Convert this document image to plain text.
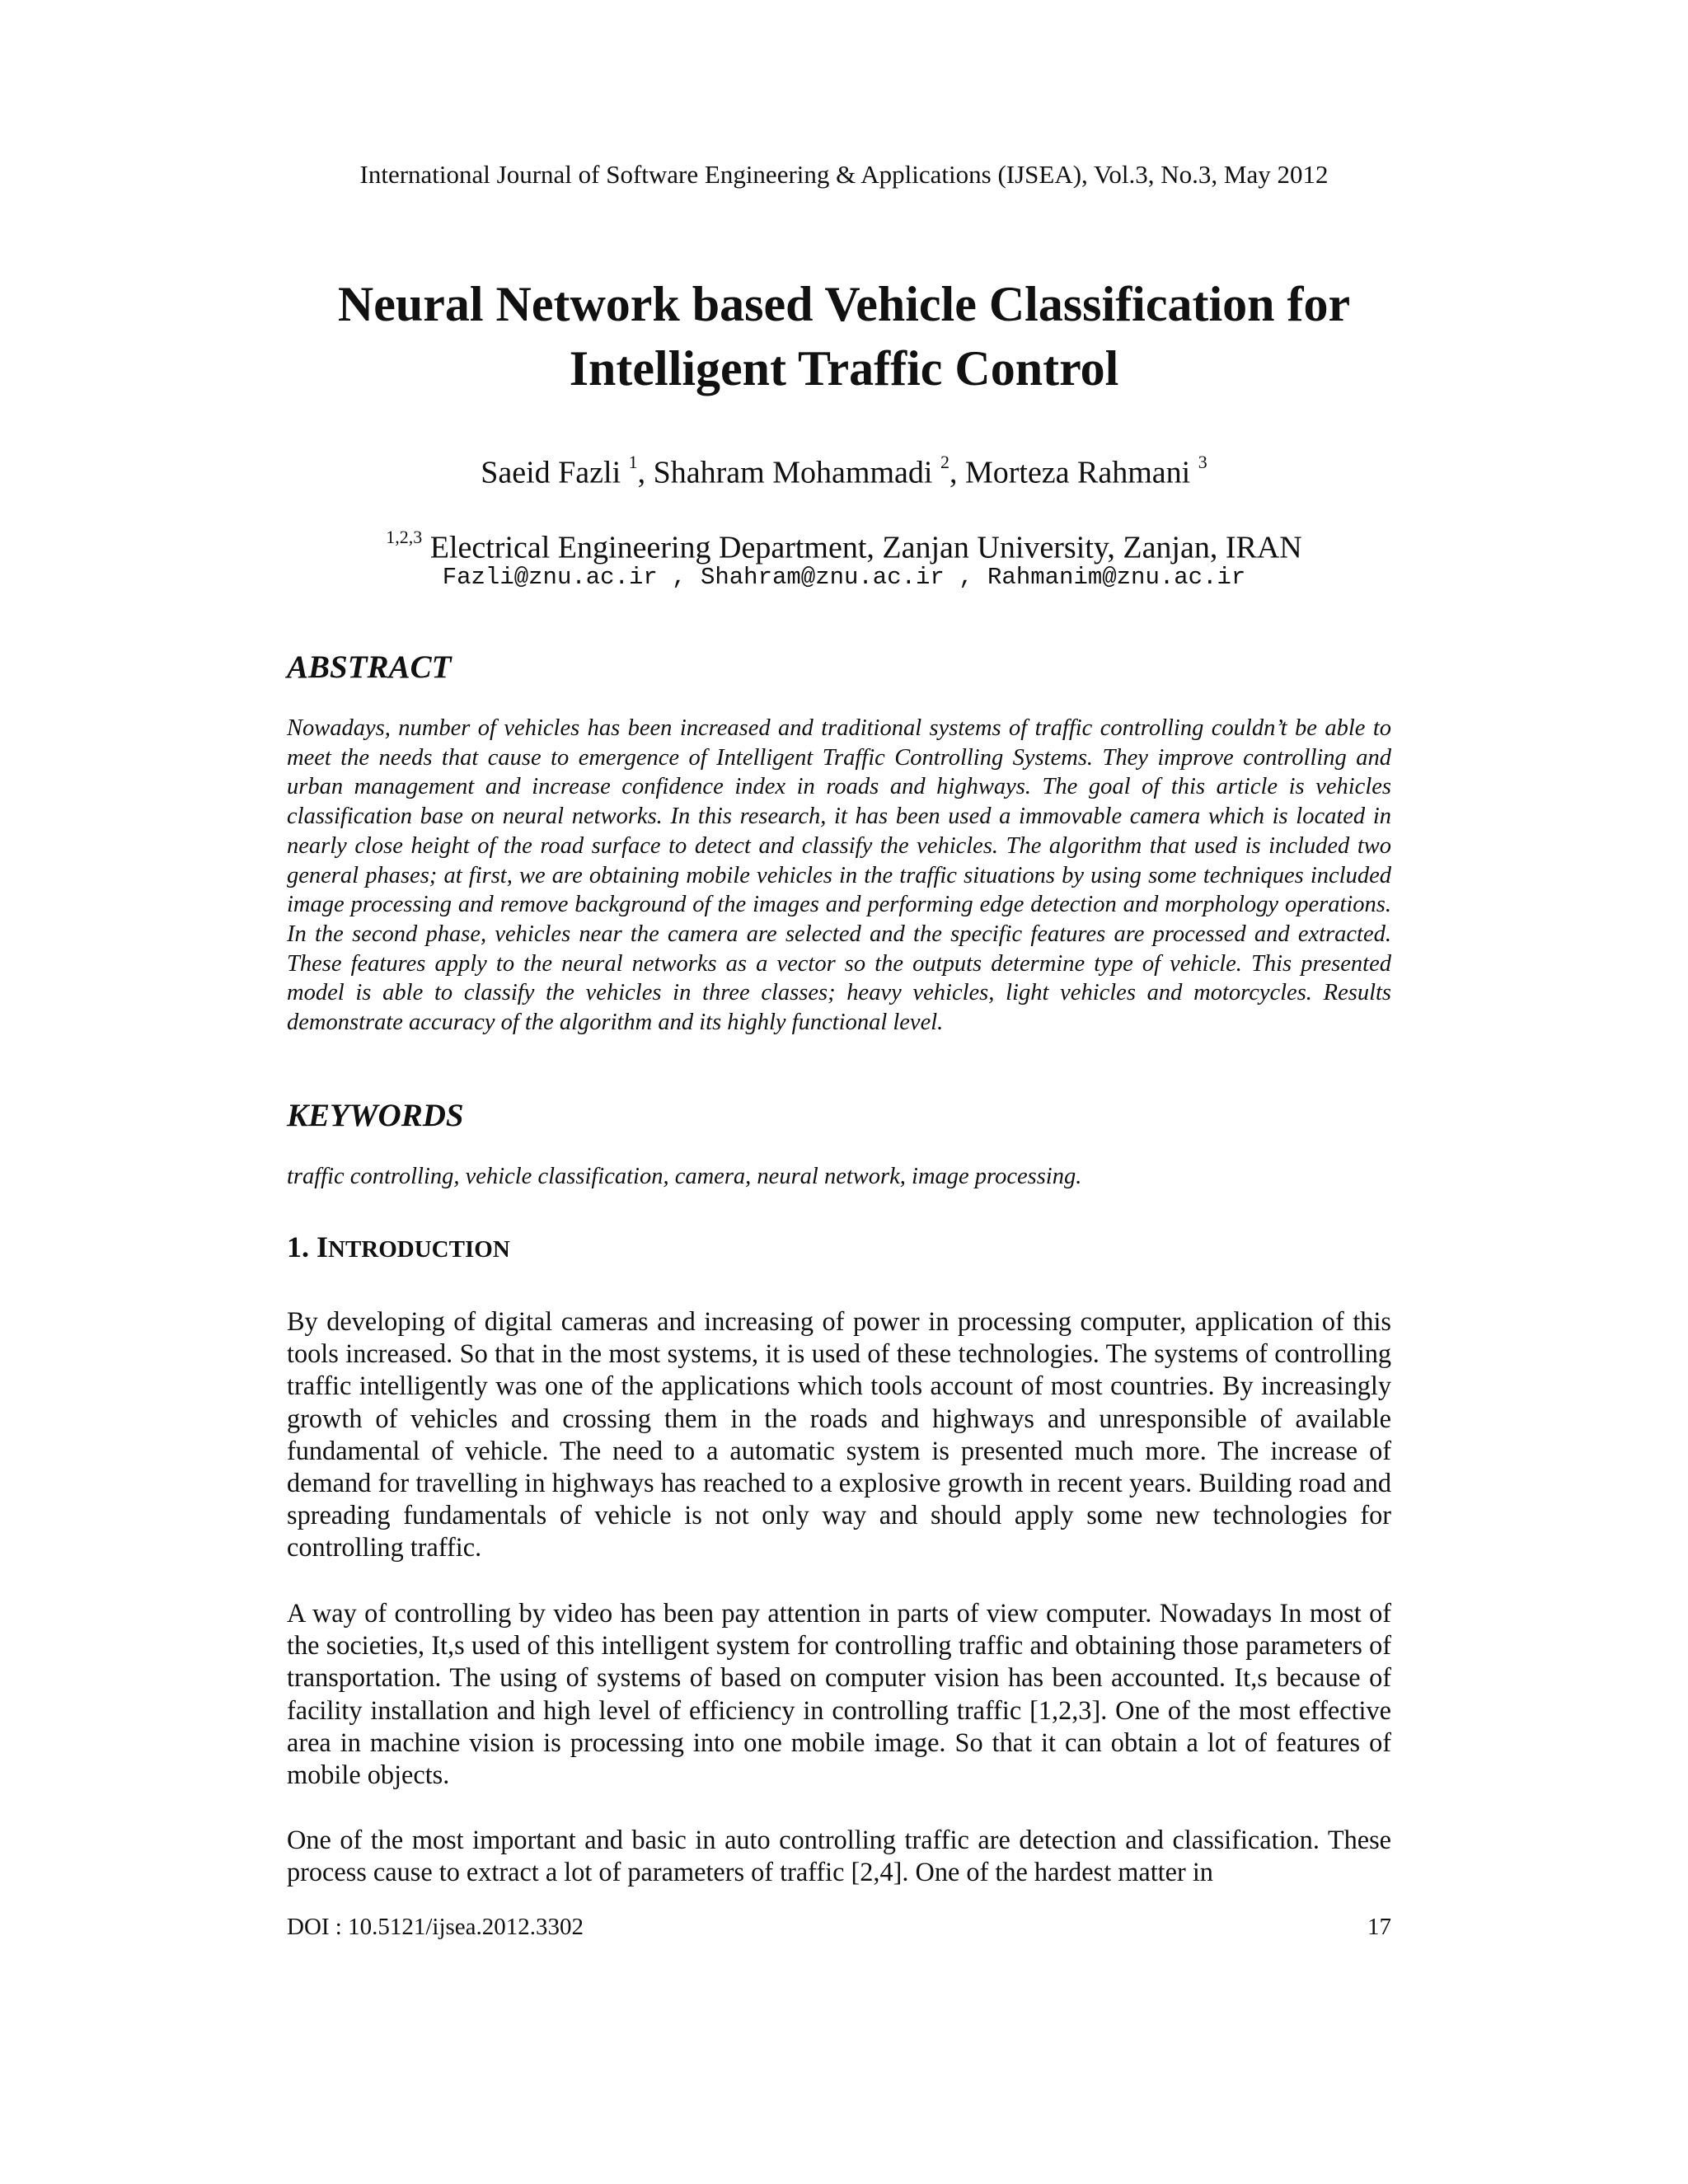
International Journal of Software Engineering & Applications (IJSEA), Vol.3, No.3, May 2012
Neural Network based Vehicle Classification for
Intelligent Traffic Control
Saeid Fazli $^1$, Shahram Mohammadi $^2$, Morteza Rahmani $^3$
$^{1,2,3}$ Electrical Engineering Department, Zanjan University, Zanjan, IRAN
Fazli@znu.ac.ir , Shahram@znu.ac.ir , Rahmanim@znu.ac.ir
ABSTRACT

Nowadays, number of vehicles has been increased and traditional systems of traffic controlling couldn’t be able to meet the needs that cause to emergence of Intelligent Traffic Controlling Systems. They improve controlling and urban management and increase confidence index in roads and highways. The goal of this article is vehicles classification base on neural networks. In this research, it has been used a immovable camera which is located in nearly close height of the road surface to detect and classify the vehicles. The algorithm that used is included two general phases; at first, we are obtaining mobile vehicles in the traffic situations by using some techniques included image processing and remove background of the images and performing edge detection and morphology operations. In the second phase, vehicles near the camera are selected and the specific features are processed and extracted. These features apply to the neural networks as a vector so the outputs determine type of vehicle. This presented model is able to classify the vehicles in three classes; heavy vehicles, light vehicles and motorcycles. Results demonstrate accuracy of the algorithm and its highly functional level.

KEYWORDS

traffic controlling, vehicle classification, camera, neural network, image processing.

1. INTRODUCTION

By developing of digital cameras and increasing of power in processing computer, application of this tools increased. So that in the most systems, it is used of these technologies. The systems of controlling traffic intelligently was one of the applications which tools account of most countries. By increasingly growth of vehicles and crossing them in the roads and highways and unresponsible of available fundamental of vehicle. The need to a automatic system is presented much more. The increase of demand for travelling in highways has reached to a explosive growth in recent years. Building road and spreading fundamentals of vehicle is not only way and should apply some new technologies for controlling traffic.

A way of controlling by video has been pay attention in parts of view computer. Nowadays In most of the societies, It,s used of this intelligent system for controlling traffic and obtaining those parameters of transportation. The using of systems of based on computer vision has been accounted. It,s because of facility installation and high level of efficiency in controlling traffic [1,2,3]. One of the most effective area in machine vision is processing into one mobile image. So that it can obtain a lot of features of mobile objects.

One of the most important and basic in auto controlling traffic are detection and classification. These process cause to extract a lot of parameters of traffic [2,4]. One of the hardest matter in

DOI : 10.5121/ijsea.2012.3302	17
